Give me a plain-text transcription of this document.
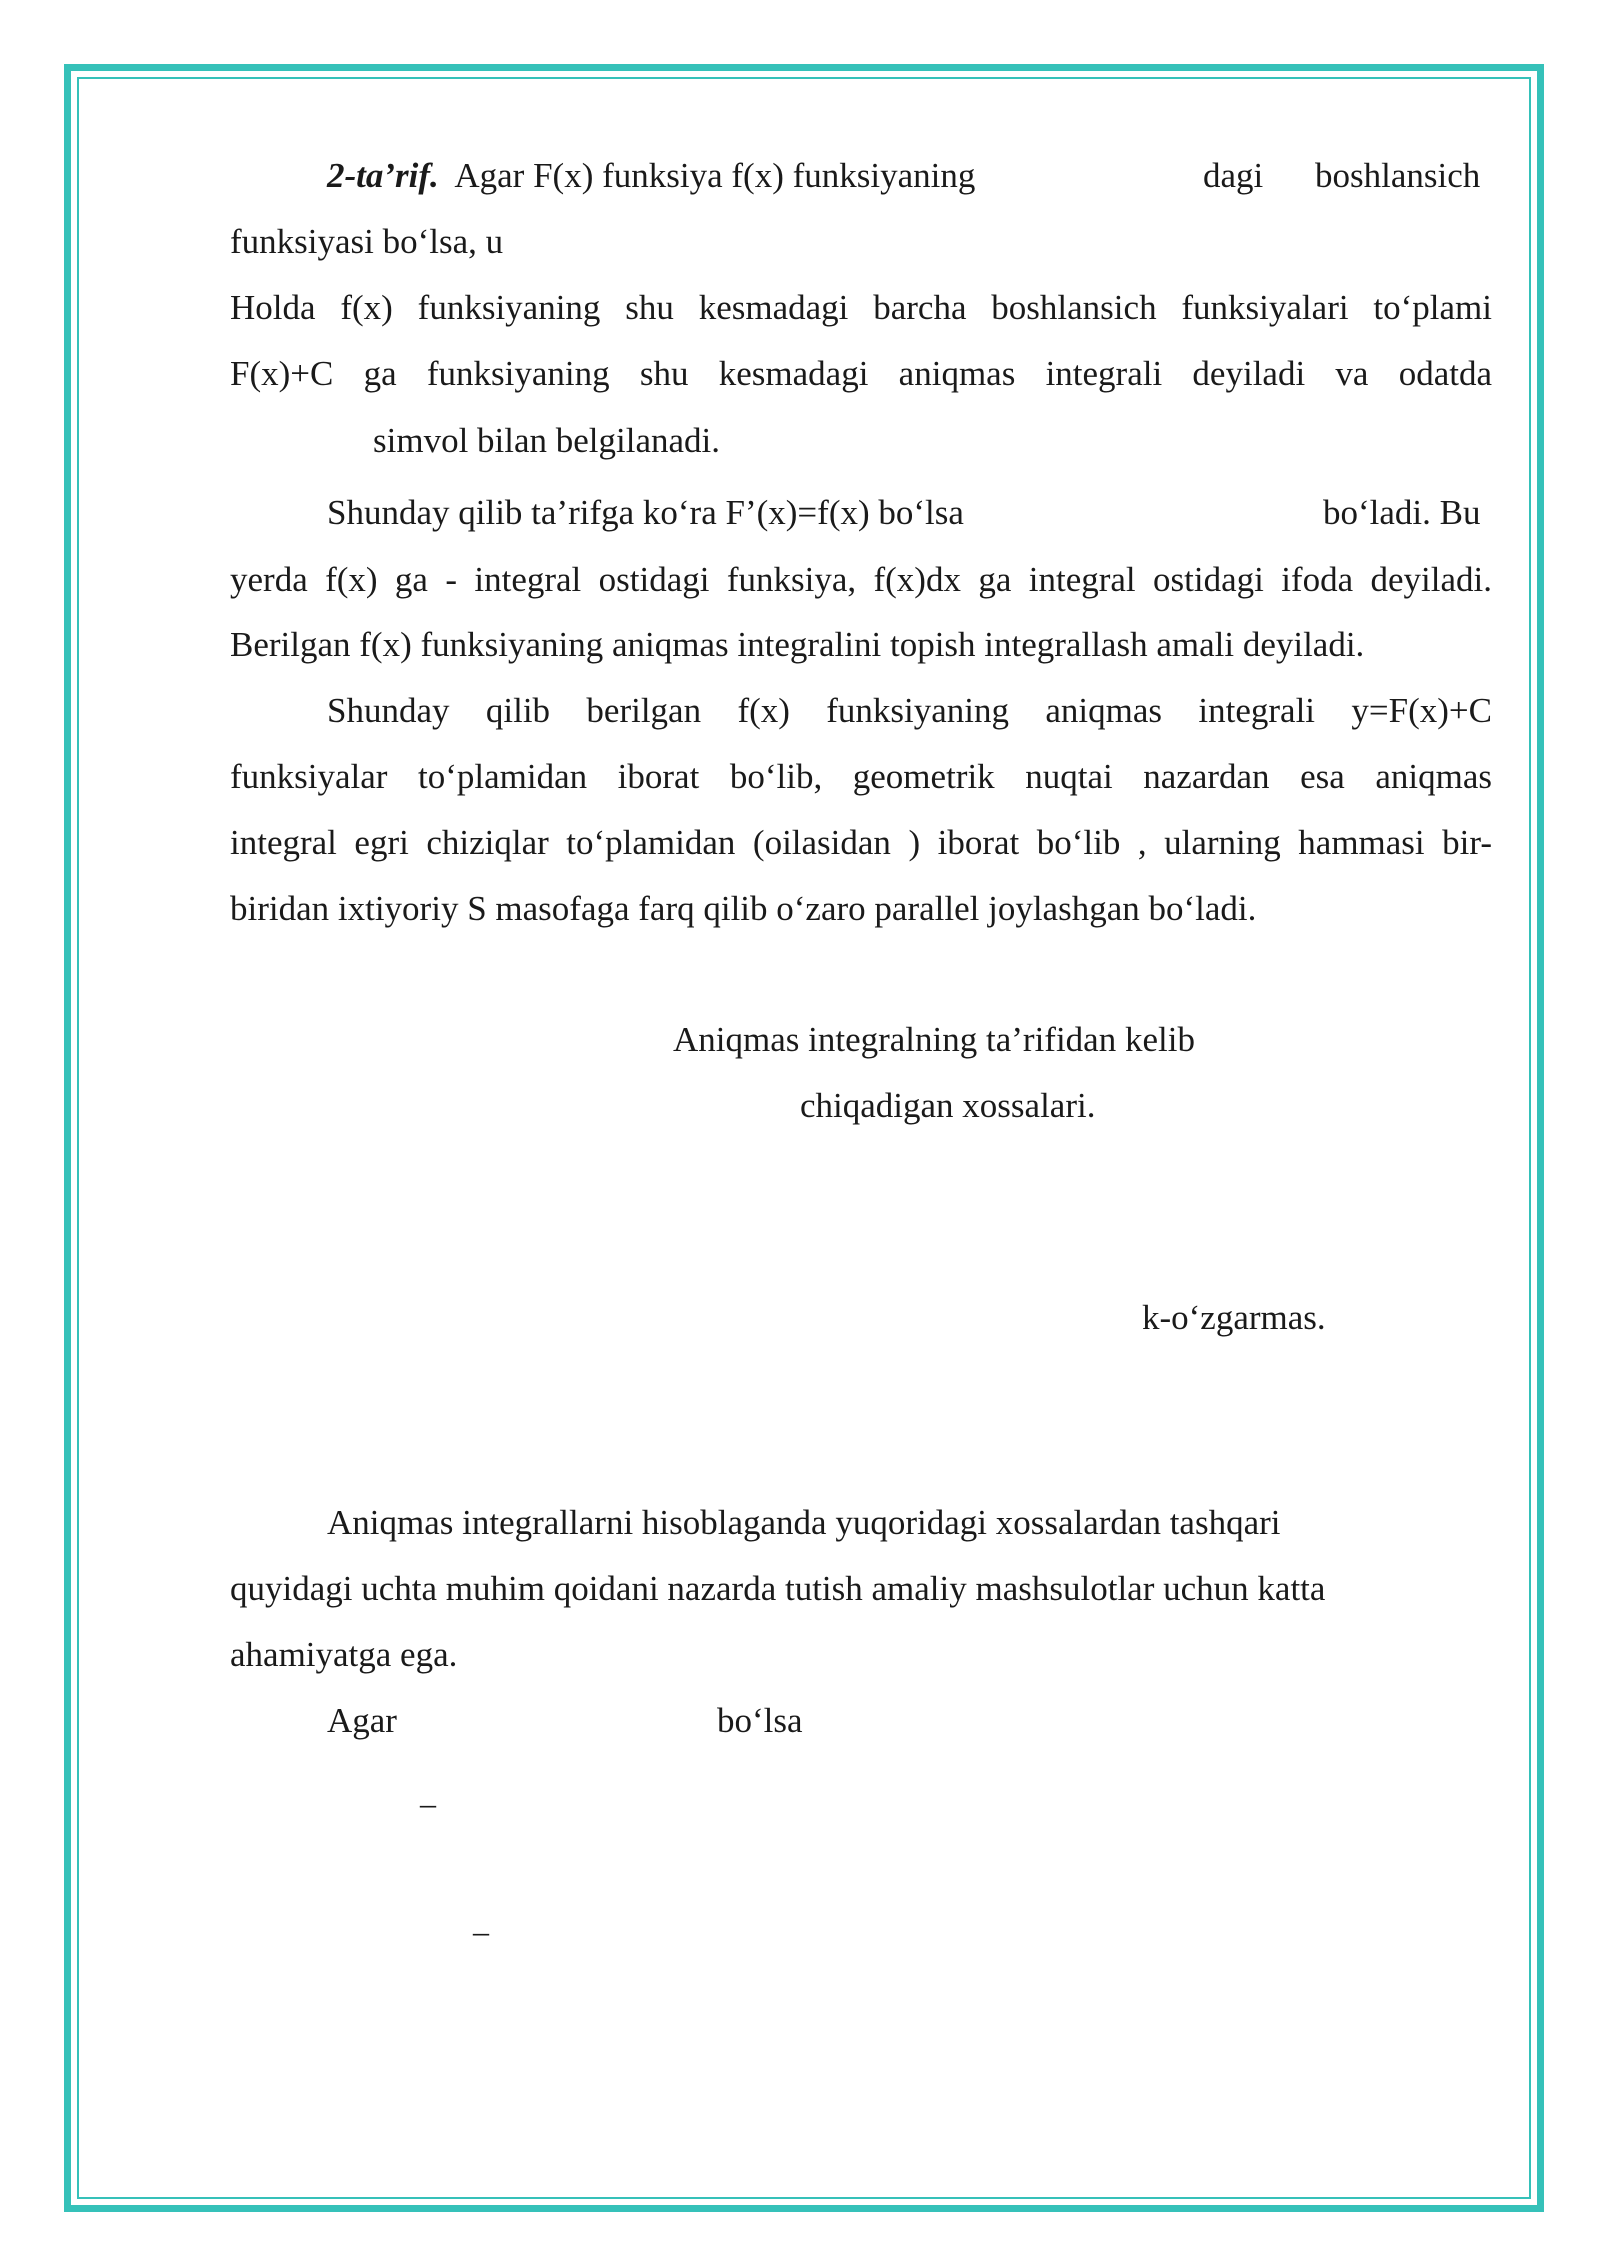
2-ta’rif. Agar F(x) funksiya f(x) funksiyaning	dagi boshlansich
funksiyasi bo‘lsa, u
Holda f(x) funksiyaning shu kesmadagi barcha boshlansich funksiyalari to‘plami
F(x)+C ga funksiyaning shu kesmadagi aniqmas integrali deyiladi va odatda
simvol bilan belgilanadi.
Shunday qilib ta’rifga ko‘ra F’(x)=f(x) bo‘lsa	bo‘ladi. Bu
yerda f(x) ga - integral ostidagi funksiya, f(x)dx ga integral ostidagi ifoda deyiladi.
Berilgan f(x) funksiyaning aniqmas integralini topish integrallash amali deyiladi.
Shunday qilib berilgan f(x) funksiyaning aniqmas integrali y=F(x)+C
funksiyalar to‘plamidan iborat bo‘lib, geometrik nuqtai nazardan esa aniqmas
integral egri chiziqlar to‘plamidan (oilasidan ) iborat bo‘lib , ularning hammasi bir-
biridan ixtiyoriy S masofaga farq qilib o‘zaro parallel joylashgan bo‘ladi.
Aniqmas integralning ta’rifidan kelib
chiqadigan xossalari.
k-o‘zgarmas.
Aniqmas integrallarni hisoblaganda yuqoridagi xossalardan tashqari
quyidagi uchta muhim qoidani nazarda tutish amaliy mashsulotlar uchun katta
ahamiyatga ega.
Agar	bo‘lsa
–
–
